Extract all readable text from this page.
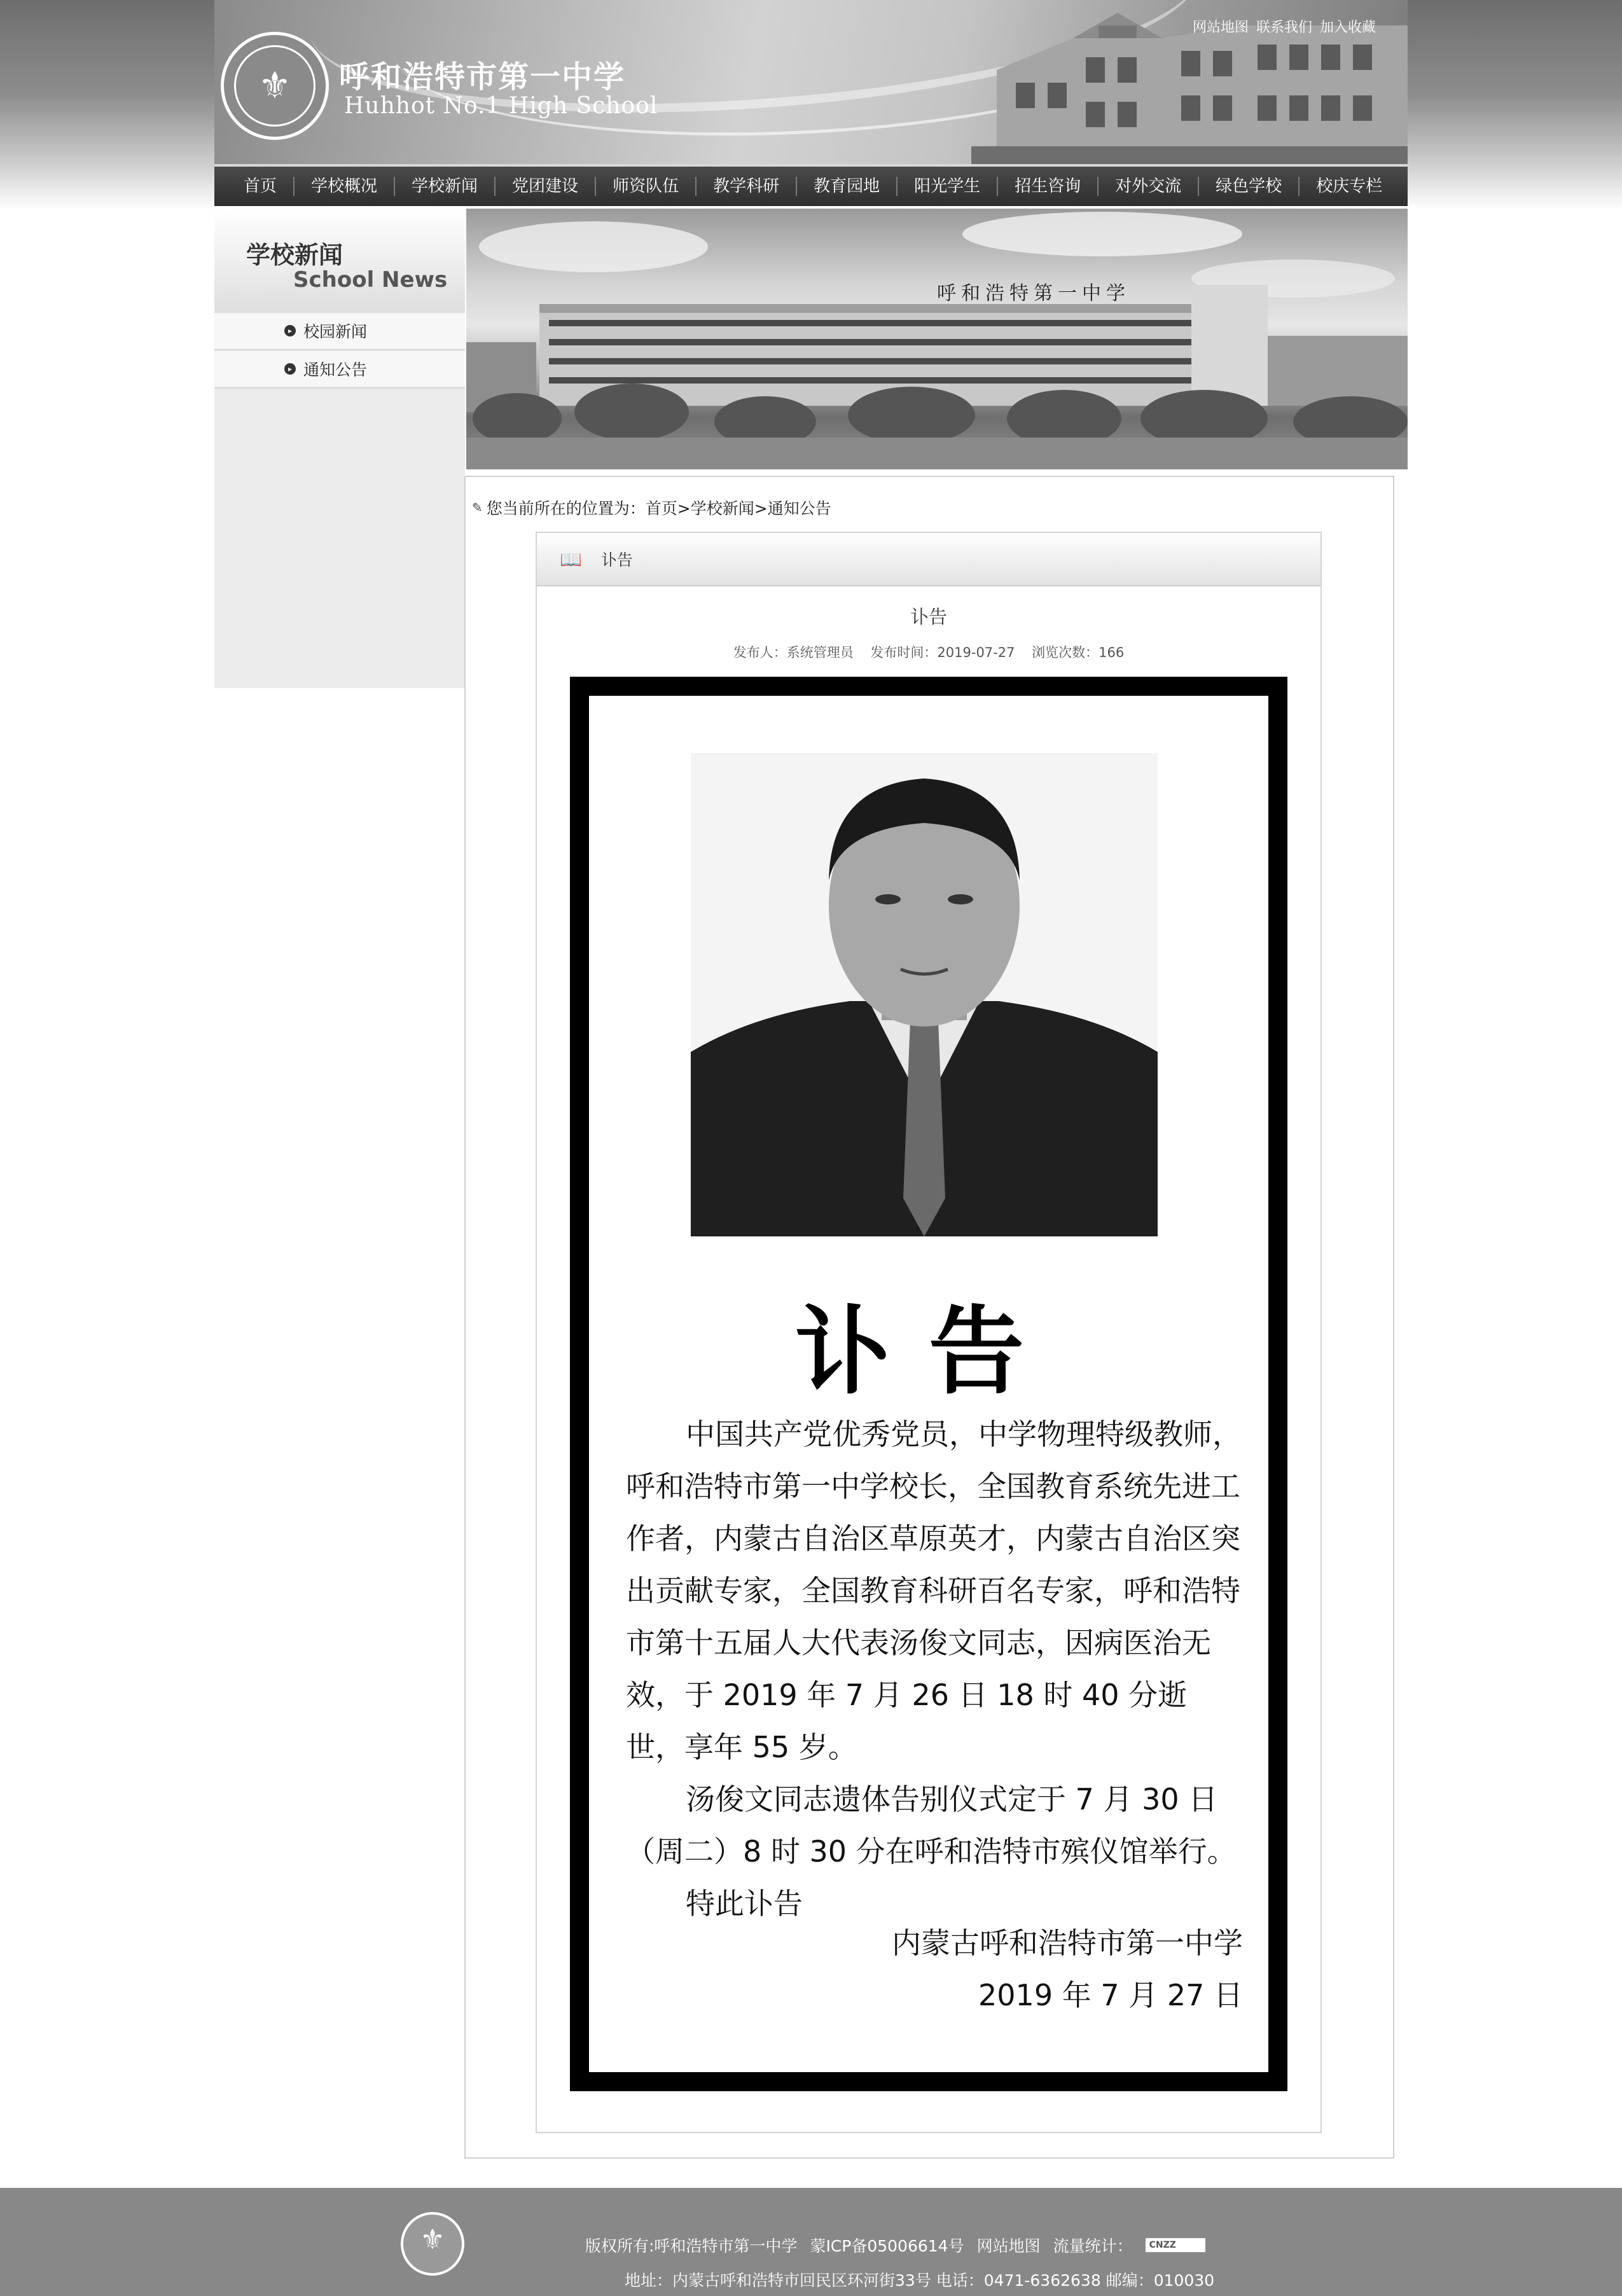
⚜	呼和浩特市第一中学
Huhhot No.1 High School
网站地图 联系我们 加入收藏
首页	学校概况	学校新闻	党团建设	师资队伍	教学科研	教育园地	阳光学生	招生咨询	对外交流	绿色学校	校庆专栏
学校新闻
School News
▸ 校园新闻
▸ 通知公告
呼和浩特第一中学
✎ 您当前所在的位置为： 首页>学校新闻>通知公告
📖 讣告
讣告
发布人：系统管理员 发布时间：2019-07-27 浏览次数：166
讣告

中国共产党优秀党员，中学物理特级教师，呼和浩特市第一中学校长，全国教育系统先进工作者，内蒙古自治区草原英才，内蒙古自治区突出贡献专家，全国教育科研百名专家，呼和浩特市第十五届人大代表汤俊文同志，因病医治无效，于 2019 年 7 月 26 日 18 时 40 分逝世，享年 55 岁。

汤俊文同志遗体告别仪式定于 7 月 30 日（周二）8 时 30 分在呼和浩特市殡仪馆举行。

特此讣告

内蒙古呼和浩特市第一中学
2019 年 7 月 27 日
⚜	版权所有:呼和浩特市第一中学 蒙ICP备05006614号 网站地图 流量统计：	CNZZ
地址：内蒙古呼和浩特市回民区环河街33号 电话：0471-6362638 邮编：010030
